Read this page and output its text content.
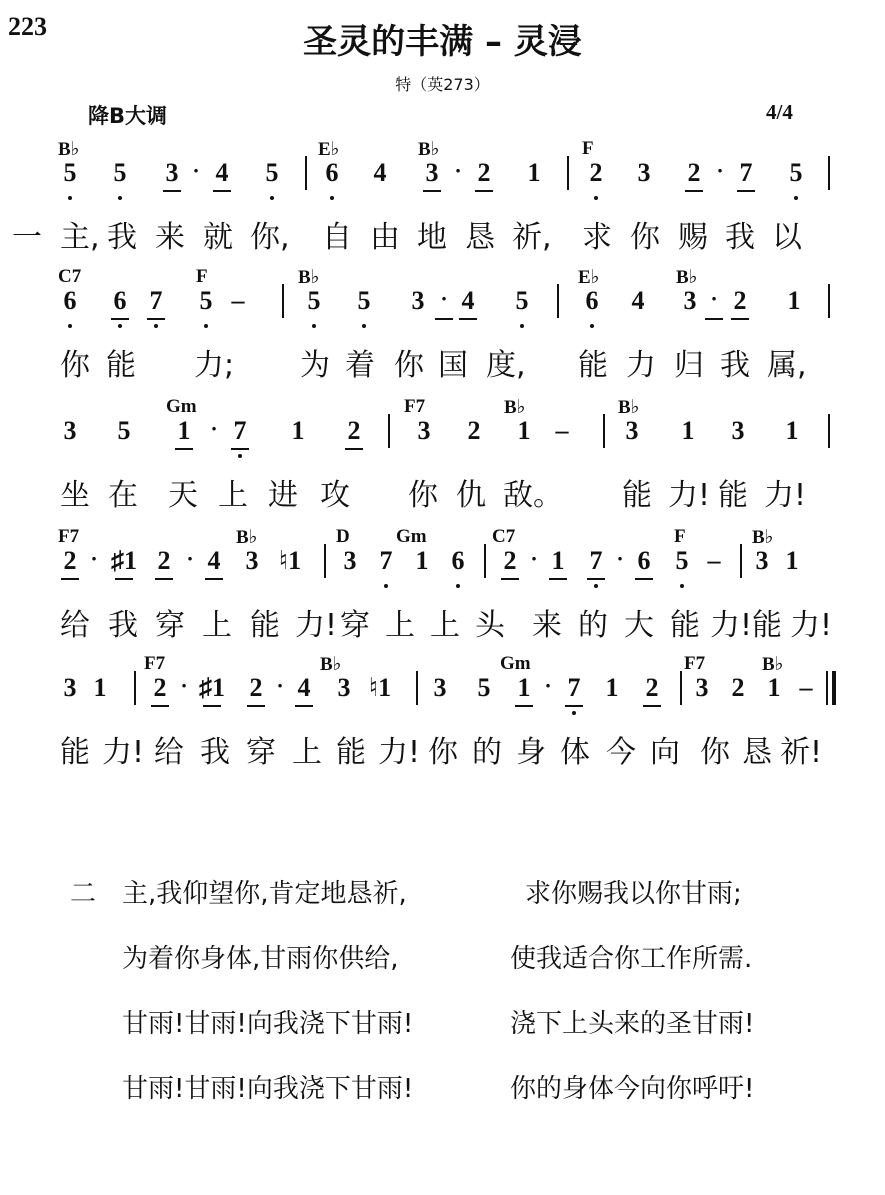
223	圣灵的丰满 – 灵浸
特（英273）
降B大调	4/4
B♭	E♭	B♭	F
5 5 3 · 4 5 6 4 3 · 2 1 2 3 2 · 7 5
一 主, 我 来 就 你, 自 由 地 恳 祈, 求 你 赐 我 以
C7	F	B♭	E♭	B♭
6 6 7 5 – 5 5 3 · 4 5 6 4 3 · 2 1
你 能 力; 为 着 你 国 度, 能 力 归 我 属,
Gm	F7	B♭	B♭
3 5 1 · 7 1 2 3 2 1 – 3 1 3 1
坐 在 天 上 进 攻 你 仇 敌。 能 力! 能 力!
F7	B♭	D Gm	C7	F	B♭
2 · ♯1 2 · 4 3 ♮1 3 7 1 6 2 · 1 7 · 6 5 – 3 1
给 我 穿 上 能 力! 穿 上 上 头 来 的 大 能 力! 能 力!
F7	B♭	Gm	F7	B♭
3 1 2 · ♯1 2 · 4 3 ♮1 3 5 1 · 7 1 2 3 2 1 –
能 力! 给 我 穿 上 能 力! 你 的 身 体 今 向 你 恳 祈!
二 主,我仰望你,肯定地恳祈,	求你赐我以你甘雨;
为着你身体,甘雨你供给,	使我适合你工作所需.
甘雨!甘雨!向我浇下甘雨!	浇下上头来的圣甘雨!
甘雨!甘雨!向我浇下甘雨!	你的身体今向你呼吁!
